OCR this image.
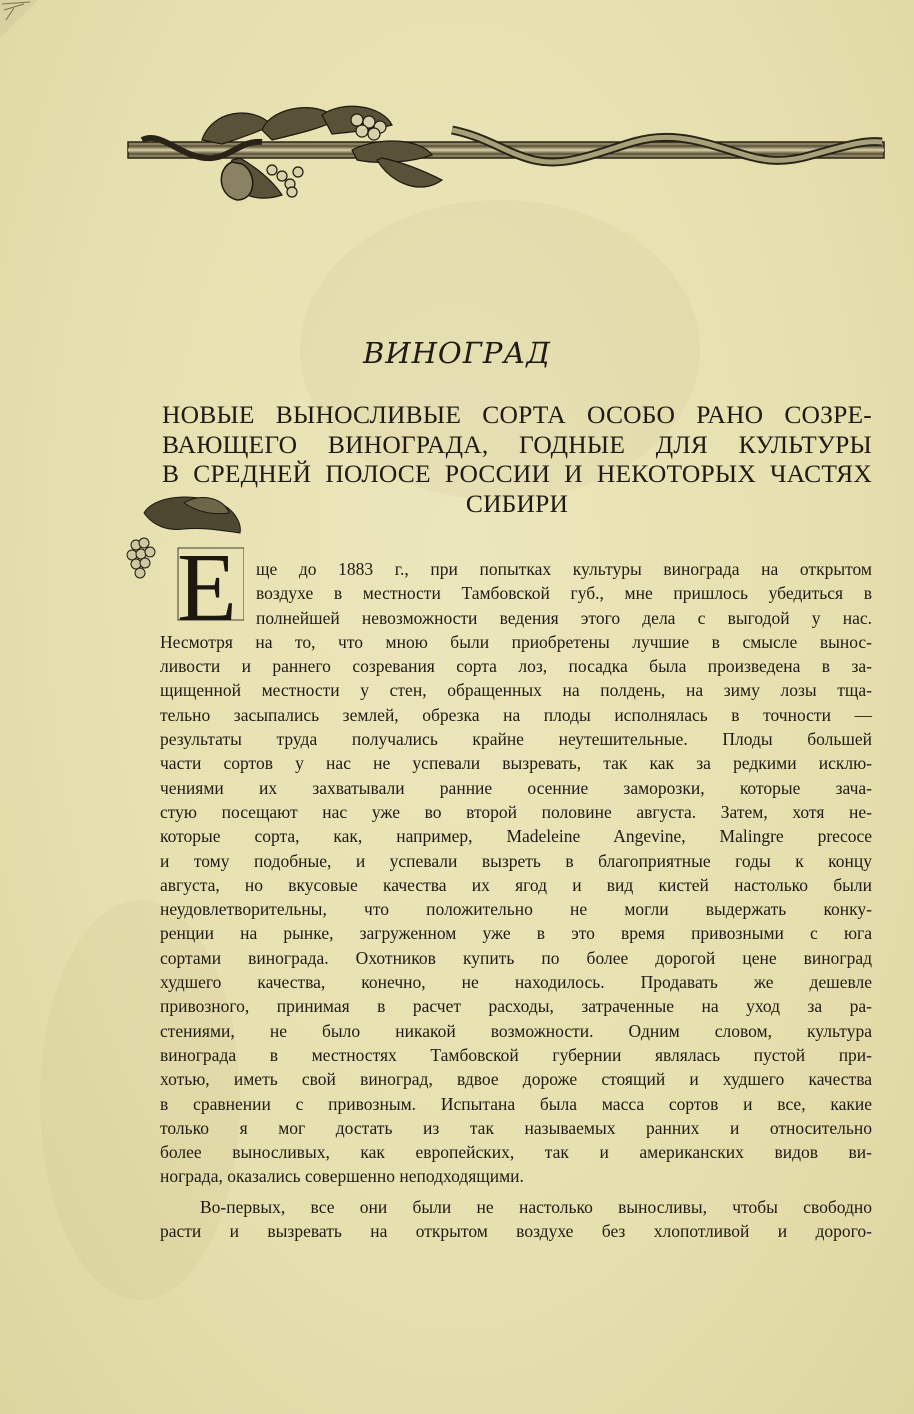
ВИНОГРАД
НОВЫЕ ВЫНОСЛИВЫЕ СОРТА ОСОБО РАНО СОЗРЕ-
ВАЮЩЕГО ВИНОГРАДА, ГОДНЫЕ ДЛЯ КУЛЬТУРЫ
В СРЕДНЕЙ ПОЛОСЕ РОССИИ И НЕКОТОРЫХ ЧАСТЯХ
СИБИРИ
Е	ще до 1883 г., при попытках культуры винограда на открытом
воздухе в местности Тамбовской губ., мне пришлось убедиться в
полнейшей невозможности ведения этого дела с выгодой у нас.
Несмотря на то, что мною были приобретены лучшие в смысле вынос-
ливости и раннего созревания сорта лоз, посадка была произведена в за-
щищенной местности у стен, обращенных на полдень, на зиму лозы тща-
тельно засыпались землей, обрезка на плоды исполнялась в точности —
результаты труда получались крайне неутешительные. Плоды большей
части сортов у нас не успевали вызревать, так как за редкими исклю-
чениями их захватывали ранние осенние заморозки, которые зача-
стую посещают нас уже во второй половине августа. Затем, хотя не-
которые сорта, как, например, Madeleine Angevine, Malingre precoce
и тому подобные, и успевали вызреть в благоприятные годы к концу
августа, но вкусовые качества их ягод и вид кистей настолько были
неудовлетворительны, что положительно не могли выдержать конку-
ренции на рынке, загруженном уже в это время привозными с юга
сортами винограда. Охотников купить по более дорогой цене виноград
худшего качества, конечно, не находилось. Продавать же дешевле
привозного, принимая в расчет расходы, затраченные на уход за ра-
стениями, не было никакой возможности. Одним словом, культура
винограда в местностях Тамбовской губернии являлась пустой при-
хотью, иметь свой виноград, вдвое дороже стоящий и худшего качества
в сравнении с привозным. Испытана была масса сортов и все, какие
только я мог достать из так называемых ранних и относительно
более выносливых, как европейских, так и американских видов ви-
нограда, оказались совершенно неподходящими.
Во-первых, все они были не настолько выносливы, чтобы свободно
расти и вызревать на открытом воздухе без хлопотливой и дорого-
